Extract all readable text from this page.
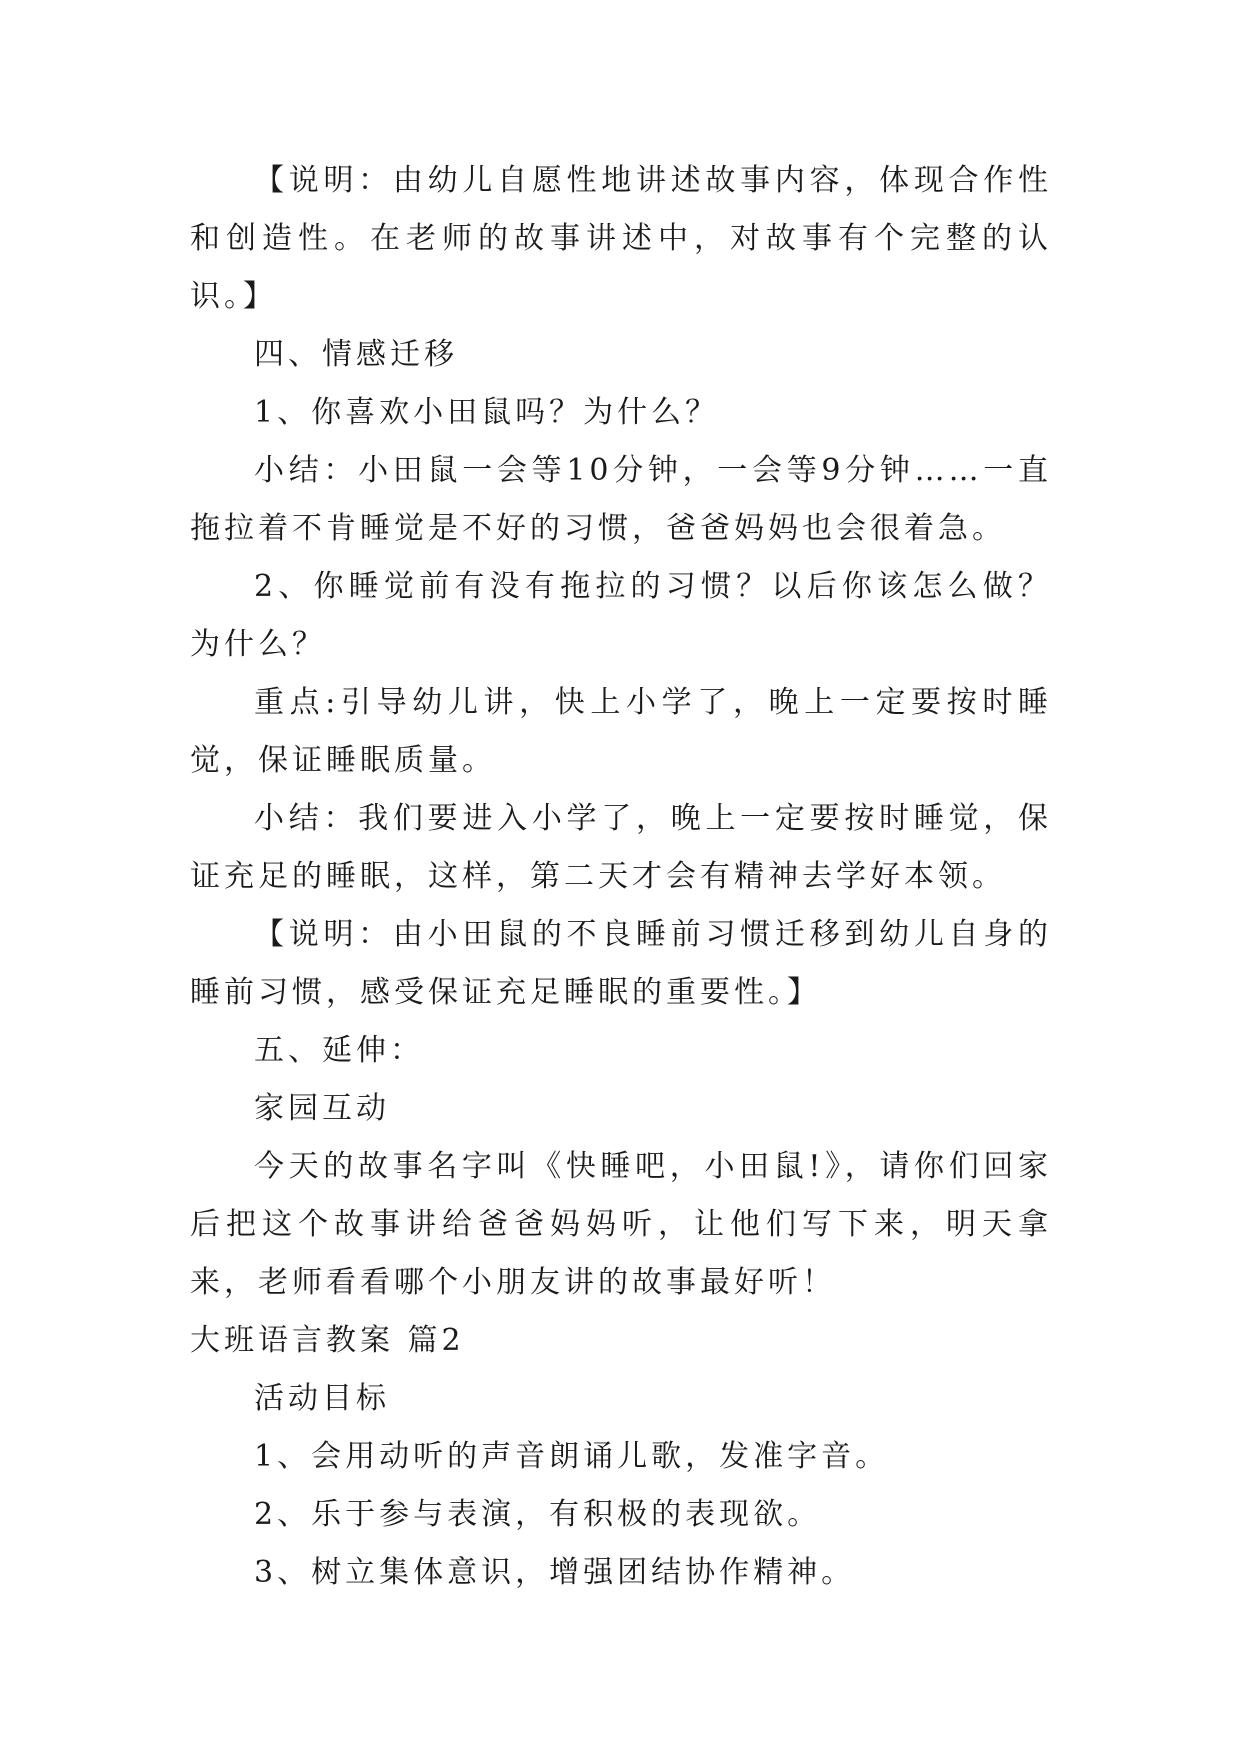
【说明：由幼儿自愿性地讲述故事内容，体现合作性和创造性。在老师的故事讲述中，对故事有个完整的认识。】

四、情感迁移

1、你喜欢小田鼠吗？为什么？

小结：小田鼠一会等10分钟，一会等9分钟……一直拖拉着不肯睡觉是不好的习惯，爸爸妈妈也会很着急。

2、你睡觉前有没有拖拉的习惯？以后你该怎么做？为什么？

重点:引导幼儿讲，快上小学了，晚上一定要按时睡觉，保证睡眠质量。

小结：我们要进入小学了，晚上一定要按时睡觉，保证充足的睡眠，这样，第二天才会有精神去学好本领。

【说明：由小田鼠的不良睡前习惯迁移到幼儿自身的睡前习惯，感受保证充足睡眠的重要性。】

五、延伸：

家园互动

今天的故事名字叫《快睡吧，小田鼠!》，请你们回家后把这个故事讲给爸爸妈妈听，让他们写下来，明天拿来，老师看看哪个小朋友讲的故事最好听！

大班语言教案 篇2

活动目标

1、会用动听的声音朗诵儿歌，发准字音。

2、乐于参与表演，有积极的表现欲。

3、树立集体意识，增强团结协作精神。
